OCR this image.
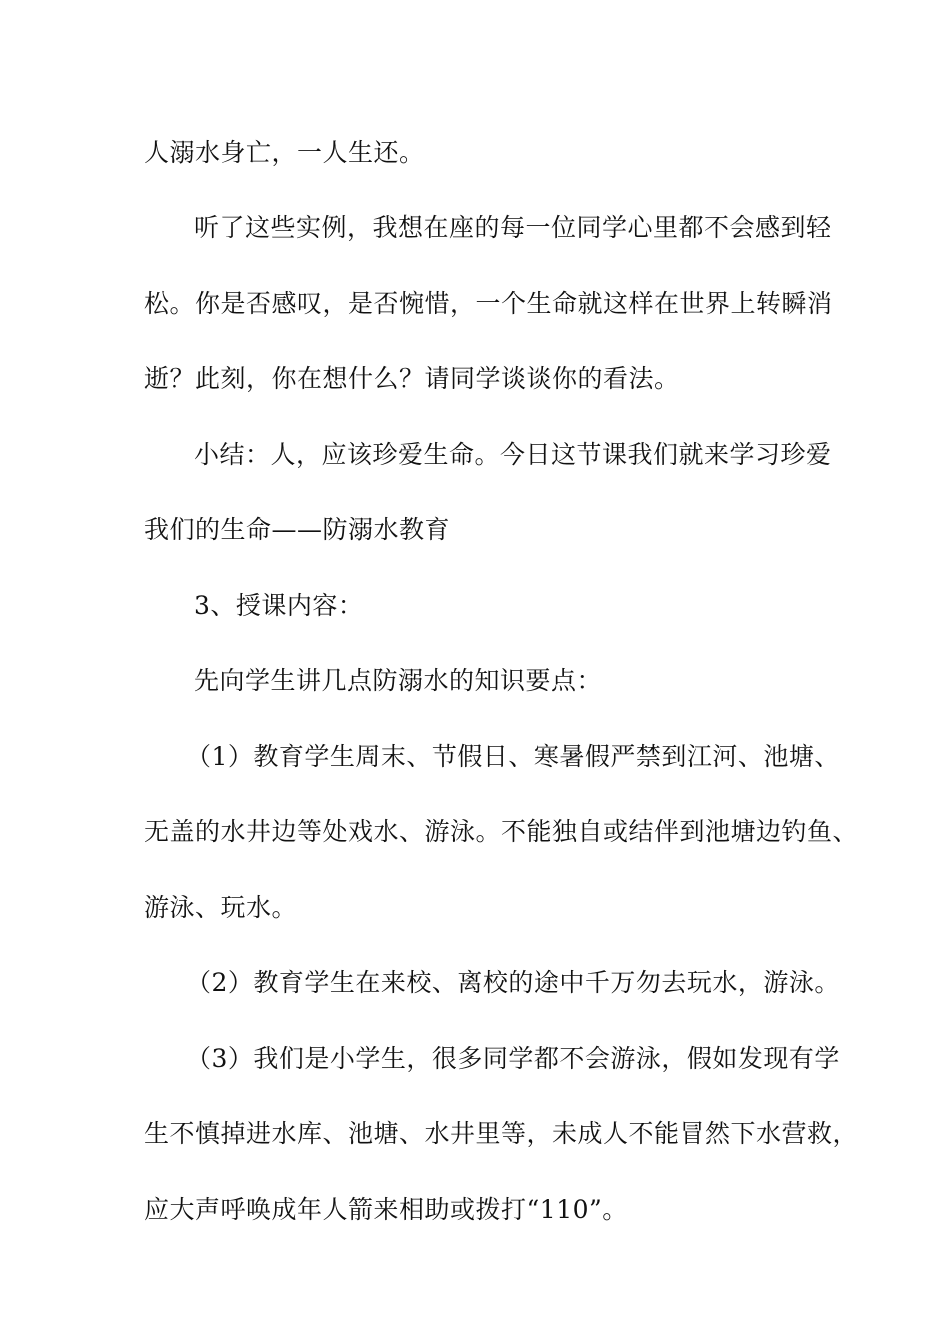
人溺水身亡，一人生还。
听了这些实例，我想在座的每一位同学心里都不会感到轻
松。你是否感叹，是否惋惜，一个生命就这样在世界上转瞬消
逝？此刻，你在想什么？请同学谈谈你的看法。
小结：人，应该珍爱生命。今日这节课我们就来学习珍爱
我们的生命——防溺水教育
3、授课内容：
先向学生讲几点防溺水的知识要点：
（1）教育学生周末、节假日、寒暑假严禁到江河、池塘、
无盖的水井边等处戏水、游泳。不能独自或结伴到池塘边钓鱼、
游泳、玩水。
（2）教育学生在来校、离校的途中千万勿去玩水，游泳。
（3）我们是小学生，很多同学都不会游泳，假如发现有学
生不慎掉进水库、池塘、水井里等，未成人不能冒然下水营救，
应大声呼唤成年人箭来相助或拨打“110”。
